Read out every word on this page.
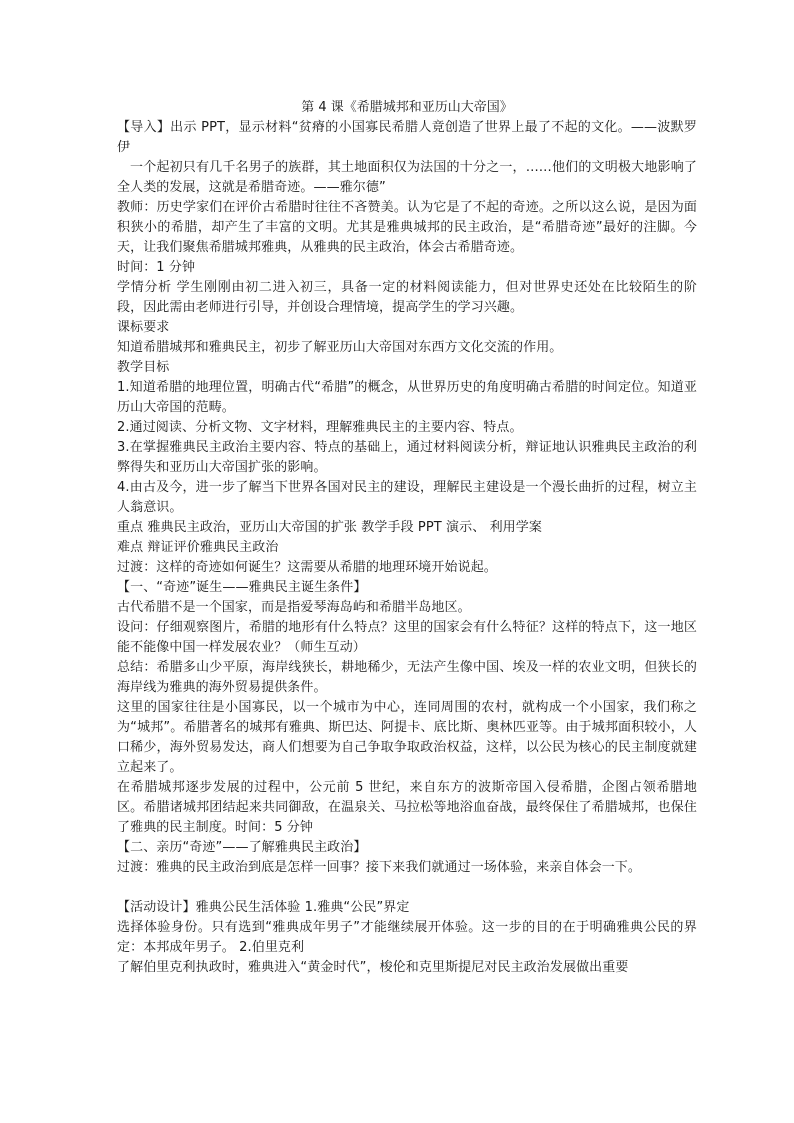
第 4 课《希腊城邦和亚历山大帝国》

【导入】出示 PPT，显示材料“贫瘠的小国寡民希腊人竟创造了世界上最了不起的文化。——波默罗伊

一个起初只有几千名男子的族群，其土地面积仅为法国的十分之一，……他们的文明极大地影响了全人类的发展，这就是希腊奇迹。——雅尔德”

教师：历史学家们在评价古希腊时往往不吝赞美。认为它是了不起的奇迹。之所以这么说，是因为面积狭小的希腊，却产生了丰富的文明。尤其是雅典城邦的民主政治，是“希腊奇迹”最好的注脚。今天，让我们聚焦希腊城邦雅典，从雅典的民主政治，体会古希腊奇迹。

时间：1 分钟

学情分析 学生刚刚由初二进入初三，具备一定的材料阅读能力，但对世界史还处在比较陌生的阶段，因此需由老师进行引导，并创设合理情境，提高学生的学习兴趣。

课标要求

知道希腊城邦和雅典民主，初步了解亚历山大帝国对东西方文化交流的作用。

教学目标

1.知道希腊的地理位置，明确古代“希腊”的概念，从世界历史的角度明确古希腊的时间定位。知道亚历山大帝国的范畴。

2.通过阅读、分析文物、文字材料，理解雅典民主的主要内容、特点。

3.在掌握雅典民主政治主要内容、特点的基础上，通过材料阅读分析，辩证地认识雅典民主政治的利弊得失和亚历山大帝国扩张的影响。

4.由古及今，进一步了解当下世界各国对民主的建设，理解民主建设是一个漫长曲折的过程，树立主人翁意识。

重点 雅典民主政治，亚历山大帝国的扩张 教学手段 PPT 演示、 利用学案

难点 辩证评价雅典民主政治

过渡：这样的奇迹如何诞生？这需要从希腊的地理环境开始说起。

【一、“奇迹”诞生——雅典民主诞生条件】

古代希腊不是一个国家，而是指爱琴海岛屿和希腊半岛地区。

设问：仔细观察图片，希腊的地形有什么特点？这里的国家会有什么特征？这样的特点下，这一地区能不能像中国一样发展农业？（师生互动）

总结：希腊多山少平原，海岸线狭长，耕地稀少，无法产生像中国、埃及一样的农业文明，但狭长的海岸线为雅典的海外贸易提供条件。

这里的国家往往是小国寡民，以一个城市为中心，连同周围的农村，就构成一个小国家，我们称之为“城邦”。希腊著名的城邦有雅典、斯巴达、阿提卡、底比斯、奥林匹亚等。由于城邦面积较小，人口稀少，海外贸易发达，商人们想要为自己争取争取政治权益，这样，以公民为核心的民主制度就建立起来了。

在希腊城邦逐步发展的过程中，公元前 5 世纪，来自东方的波斯帝国入侵希腊，企图占领希腊地区。希腊诸城邦团结起来共同御敌，在温泉关、马拉松等地浴血奋战，最终保住了希腊城邦，也保住了雅典的民主制度。时间：5 分钟

【二、亲历“奇迹”——了解雅典民主政治】

过渡：雅典的民主政治到底是怎样一回事？接下来我们就通过一场体验，来亲自体会一下。

【活动设计】雅典公民生活体验 1.雅典“公民”界定

选择体验身份。只有选到“雅典成年男子”才能继续展开体验。这一步的目的在于明确雅典公民的界定：本邦成年男子。 2.伯里克利

了解伯里克利执政时，雅典进入“黄金时代”，梭伦和克里斯提尼对民主政治发展做出重要
